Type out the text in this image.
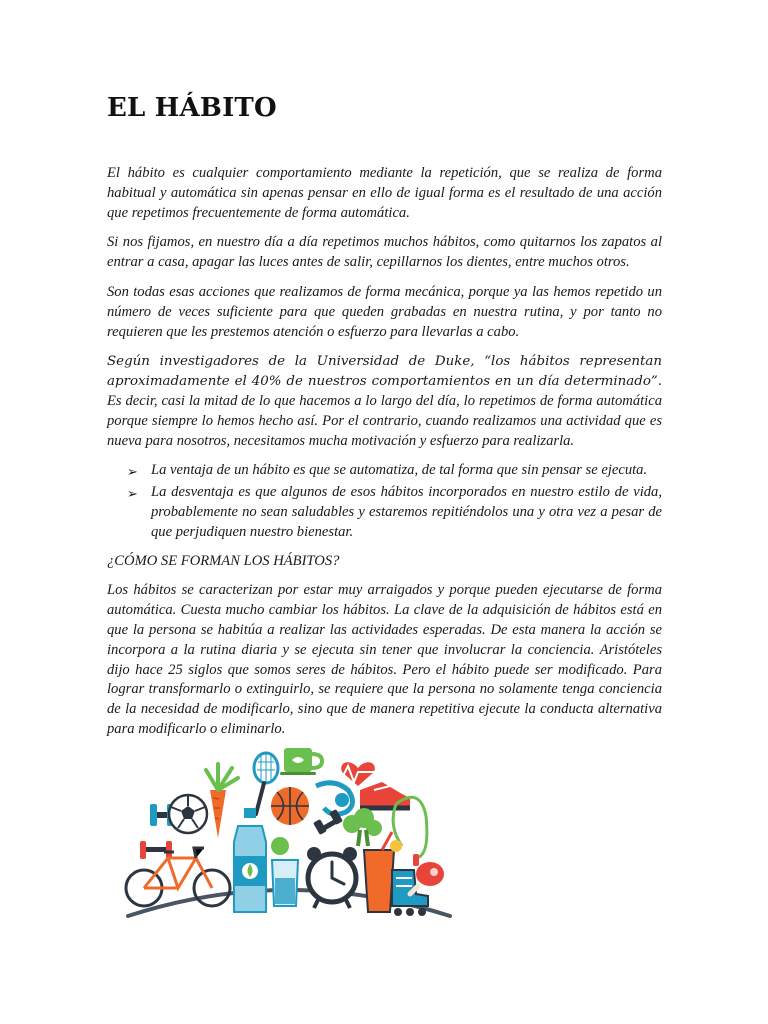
EL HÁBITO

El hábito es cualquier comportamiento mediante la repetición, que se realiza de forma habitual y automática sin apenas pensar en ello de igual forma es el resultado de una acción que repetimos frecuentemente de forma automática.

Si nos fijamos, en nuestro día a día repetimos muchos hábitos, como quitarnos los zapatos al entrar a casa, apagar las luces antes de salir, cepillarnos los dientes, entre muchos otros.

Son todas esas acciones que realizamos de forma mecánica, porque ya las hemos repetido un número de veces suficiente para que queden grabadas en nuestra rutina, y por tanto no requieren que les prestemos atención o esfuerzo para llevarlas a cabo.

Según investigadores de la Universidad de Duke, “los hábitos representan aproximadamente el 40% de nuestros comportamientos en un día determinado”. Es decir, casi la mitad de lo que hacemos a lo largo del día, lo repetimos de forma automática porque siempre lo hemos hecho así. Por el contrario, cuando realizamos una actividad que es nueva para nosotros, necesitamos mucha motivación y esfuerzo para realizarla.

➢ La ventaja de un hábito es que se automatiza, de tal forma que sin pensar se ejecuta.
➢ La desventaja es que algunos de esos hábitos incorporados en nuestro estilo de vida, probablemente no sean saludables y estaremos repitiéndolos una y otra vez a pesar de que perjudiquen nuestro bienestar.

¿CÓMO SE FORMAN LOS HÁBITOS?

Los hábitos se caracterizan por estar muy arraigados y porque pueden ejecutarse de forma automática. Cuesta mucho cambiar los hábitos. La clave de la adquisición de hábitos está en que la persona se habitúa a realizar las actividades esperadas. De esta manera la acción se incorpora a la rutina diaria y se ejecuta sin tener que involucrar la conciencia. Aristóteles dijo hace 25 siglos que somos seres de hábitos. Pero el hábito puede ser modificado. Para lograr transformarlo o extinguirlo, se requiere que la persona no solamente tenga conciencia de la necesidad de modificarlo, sino que de manera repetitiva ejecute la conducta alternativa para modificarlo o eliminarlo.
